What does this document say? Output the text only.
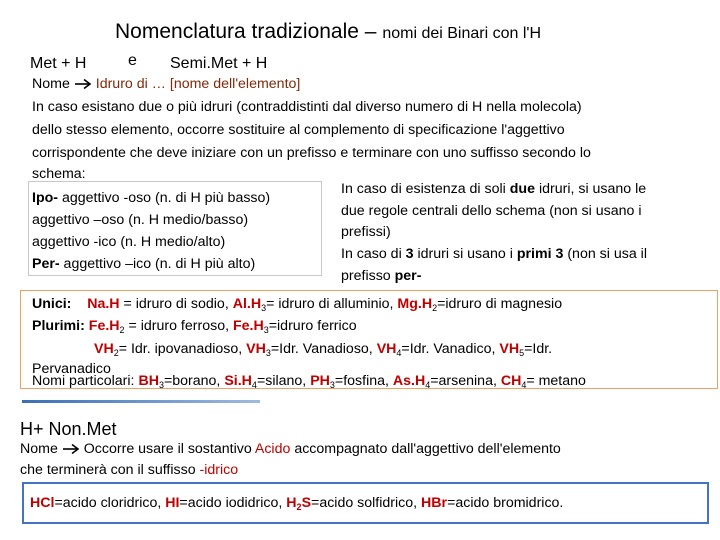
Nomenclatura tradizionale – nomi dei Binari con l'H
Met + H	e Semi.Met + H
Nome  Idruro di … [nome dell'elemento]
In caso esistano due o più idruri (contraddistinti dal diverso numero di H nella molecola)
dello stesso elemento, occorre sostituire al complemento di specificazione l'aggettivo
corrispondente che deve iniziare con un prefisso e terminare con uno suffisso secondo lo
schema:
Ipo- aggettivo -oso (n. di H più basso)
aggettivo –oso (n. H medio/basso)
aggettivo -ico (n. H medio/alto)
Per- aggettivo –ico (n. di H più alto)
In caso di esistenza di soli due idruri, si usano le
due regole centrali dello schema (non si usano i
prefissi)
In caso di 3 idruri si usano i primi 3 (non si usa il
prefisso per-
Unici: Na.H = idruro di sodio, $Al.H_3=$ idruro di alluminio, $Mg.H_2=idruro$ di magnesio
Plurimi: $Fe.H_2$ = idruro ferroso, $Fe.H_3=idruro$ ferrico
$VH_2=$ Idr. ipovanadioso, $VH_3=Idr$. Vanadioso, $VH_4=Idr$. Vanadico, $VH_5=Idr$.
Pervanadico
Nomi particolari: $BH_3=borano$, $Si.H_4=silano$, $PH_3=fosfina$, $As.H_4=arsenina$, $CH_4= metano$
H+ Non.Met
Nome  Occorre usare il sostantivo Acido accompagnato dall'aggettivo dell'elemento
che terminerà con il suffisso -idrico
HCl=acido cloridrico, HI=acido iodidrico, $H_2S=acido$ solfidrico, HBr=acido bromidrico.
